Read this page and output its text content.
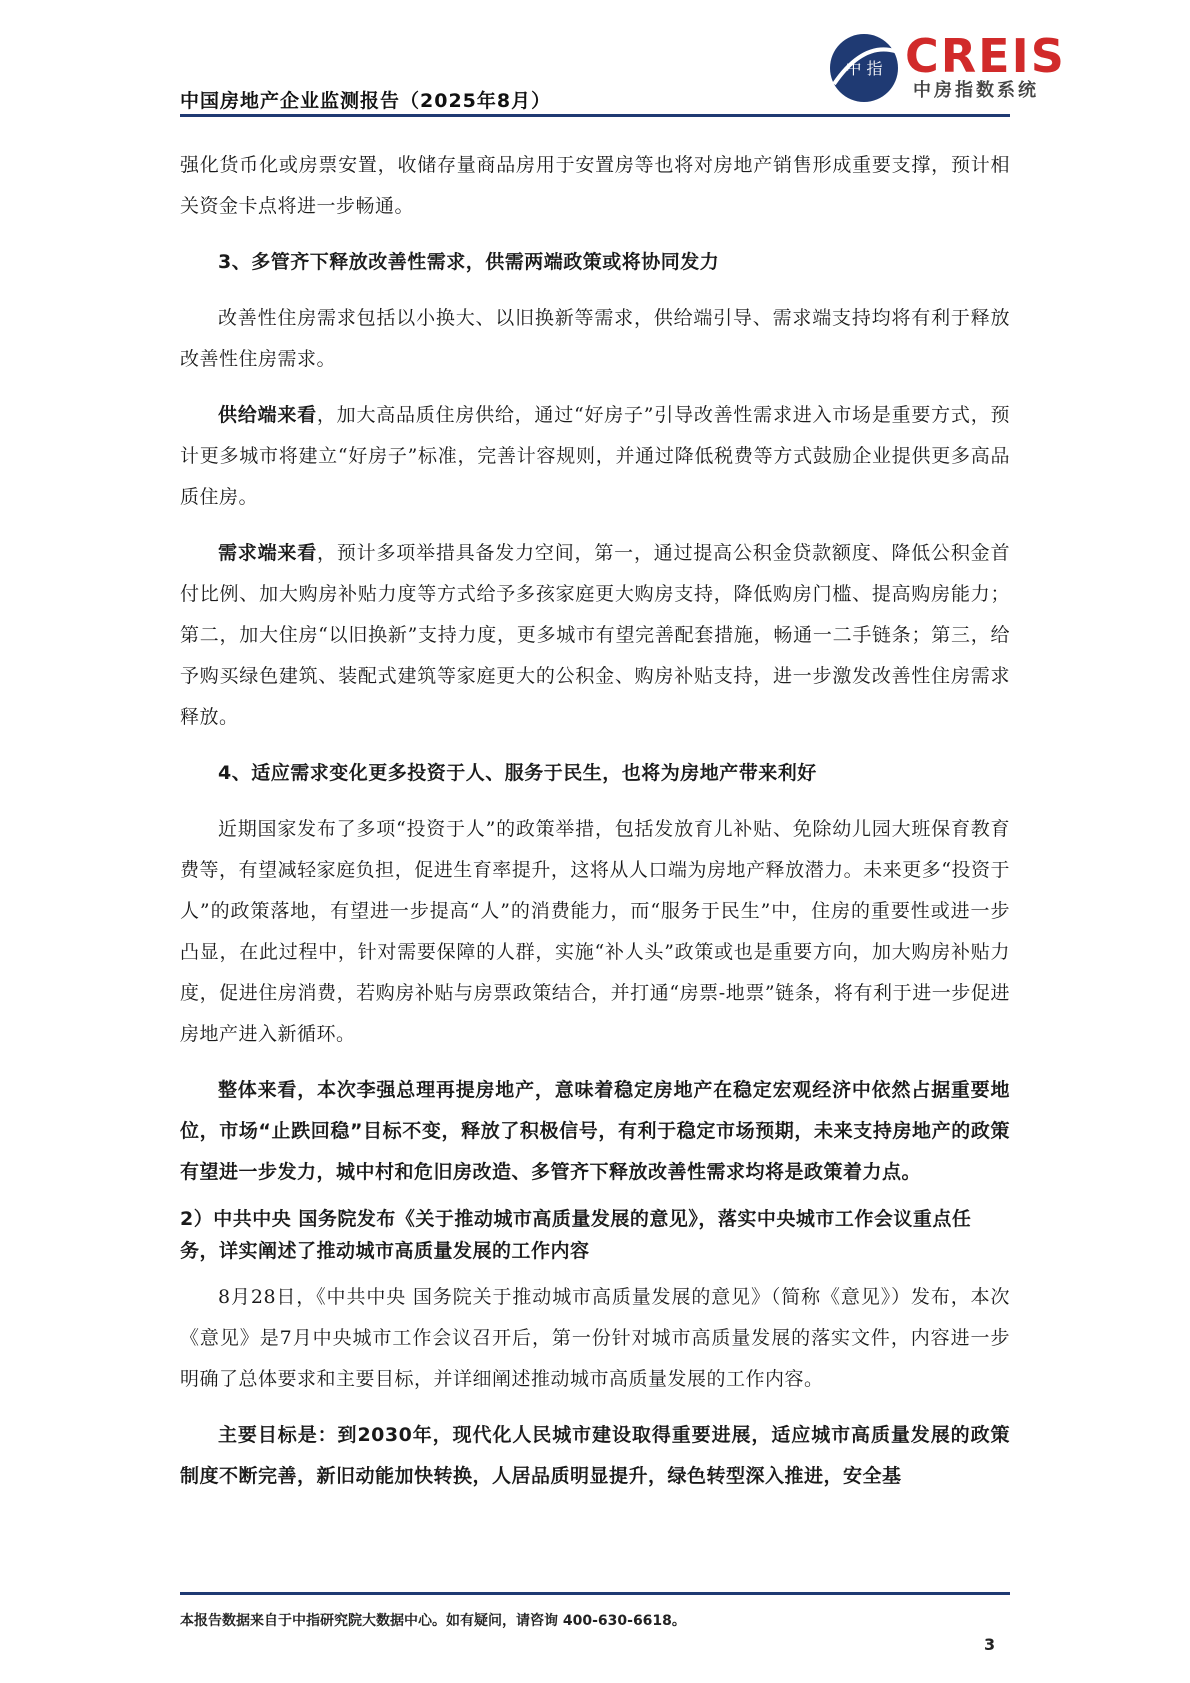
中国房地产企业监测报告（2025年8月）
中 指 CREIS
中房指数系统

强化货币化或房票安置，收储存量商品房用于安置房等也将对房地产销售形成重要支撑，预计相关资金卡点将进一步畅通。

3、多管齐下释放改善性需求，供需两端政策或将协同发力

改善性住房需求包括以小换大、以旧换新等需求，供给端引导、需求端支持均将有利于释放改善性住房需求。

供给端来看，加大高品质住房供给，通过“好房子”引导改善性需求进入市场是重要方式，预计更多城市将建立“好房子”标准，完善计容规则，并通过降低税费等方式鼓励企业提供更多高品质住房。

需求端来看，预计多项举措具备发力空间，第一，通过提高公积金贷款额度、降低公积金首付比例、加大购房补贴力度等方式给予多孩家庭更大购房支持，降低购房门槛、提高购房能力；第二，加大住房“以旧换新”支持力度，更多城市有望完善配套措施，畅通一二手链条；第三，给予购买绿色建筑、装配式建筑等家庭更大的公积金、购房补贴支持，进一步激发改善性住房需求释放。

4、适应需求变化更多投资于人、服务于民生，也将为房地产带来利好

近期国家发布了多项“投资于人”的政策举措，包括发放育儿补贴、免除幼儿园大班保育教育费等，有望减轻家庭负担，促进生育率提升，这将从人口端为房地产释放潜力。未来更多“投资于人”的政策落地，有望进一步提高“人”的消费能力，而“服务于民生”中，住房的重要性或进一步凸显，在此过程中，针对需要保障的人群，实施“补人头”政策或也是重要方向，加大购房补贴力度，促进住房消费，若购房补贴与房票政策结合，并打通“房票-地票”链条，将有利于进一步促进房地产进入新循环。

整体来看，本次李强总理再提房地产，意味着稳定房地产在稳定宏观经济中依然占据重要地位，市场“止跌回稳”目标不变，释放了积极信号，有利于稳定市场预期，未来支持房地产的政策有望进一步发力，城中村和危旧房改造、多管齐下释放改善性需求均将是政策着力点。

2）中共中央 国务院发布《关于推动城市高质量发展的意见》，落实中央城市工作会议重点任务，详实阐述了推动城市高质量发展的工作内容

8月28日，《中共中央 国务院关于推动城市高质量发展的意见》（简称《意见》）发布，本次《意见》是7月中央城市工作会议召开后，第一份针对城市高质量发展的落实文件，内容进一步明确了总体要求和主要目标，并详细阐述推动城市高质量发展的工作内容。

主要目标是：到2030年，现代化人民城市建设取得重要进展，适应城市高质量发展的政策制度不断完善，新旧动能加快转换，人居品质明显提升，绿色转型深入推进，安全基

本报告数据来自于中指研究院大数据中心。如有疑问，请咨询 400-630-6618。
3
